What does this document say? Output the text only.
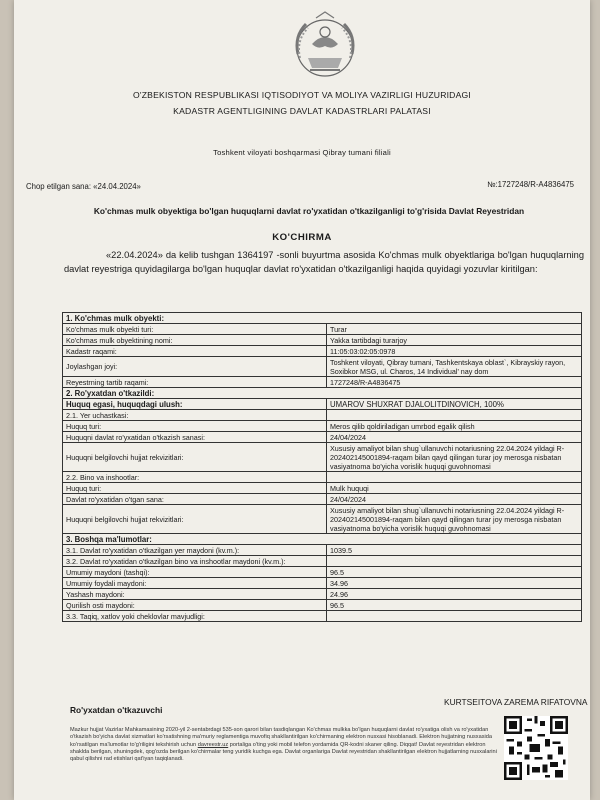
O'ZBEKISTON RESPUBLIKASI IQTISODIYOT VA MOLIYA VAZIRLIGI HUZURIDAGI
KADASTR AGENTLIGINING DAVLAT KADASTRLARI PALATASI
Toshkent viloyati boshqarmasi Qibray tumani filiali
Chop etilgan sana: «24.04.2024»	№:1727248/R-A4836475
Ko'chmas mulk obyektiga bo'lgan huquqlarni davlat ro'yxatidan o'tkazilganligi to'g'risida Davlat Reyestridan
KO'CHIRMA
«22.04.2024» da kelib tushgan 1364197 -sonli buyurtma asosida Ko'chmas mulk obyektlariga bo'lgan huquqlarning davlat reyestriga quyidagilarga bo'lgan huquqlar davlat ro'yxatidan o'tkazilganligi haqida quyidagi yozuvlar kiritilgan:
1. Ko'chmas mulk obyekti:	
Ko'chmas mulk obyekti turi:	Turar
Ko'chmas mulk obyektining nomi:	Yakka tartibdagi turarjoy
Kadastr raqami:	11:05:03:02:05:0978
Joylashgan joyi:	Toshkent viloyati, Qibray tumani, Tashkentskaya oblast`, Kibrayskiy rayon, Soxibkor MSG, ul. Charos, 14 Individual' nay dom
Reyestrning tartib raqami:	1727248/R-A4836475
2. Ro'yxatdan o'tkazildi:	
Huquq egasi, huquqdagi ulush:	UMAROV SHUXRAT DJALOLITDINOVICH, 100%
2.1. Yer uchastkasi:	
Huquq turi:	Meros qilib qoldiriladigan umrbod egalik qilish
Huquqni davlat ro'yxatidan o'tkazish sanasi:	24/04/2024
Huquqni belgilovchi hujjat rekvizitlari:	Xususiy amaliyot bilan shug`ullanuvchi notariusning 22.04.2024 yildagi R- 202402145001894-raqam bilan qayd qilingan turar joy merosga nisbatan vasiyatnoma bo'yicha vorislik huquqi guvohnomasi
2.2. Bino va inshootlar:	
Huquq turi:	Mulk huquqi
Davlat ro'yxatidan o'tgan sana:	24/04/2024
Huquqni belgilovchi hujjat rekvizitlari:	Xususiy amaliyot bilan shug`ullanuvchi notariusning 22.04.2024 yildagi R- 202402145001894-raqam bilan qayd qilingan turar joy merosga nisbatan vasiyatnoma bo'yicha vorislik huquqi guvohnomasi
3. Boshqa ma'lumotlar:	
3.1. Davlat ro'yxatidan o'tkazilgan yer maydoni (kv.m.):	1039.5
3.2. Davlat ro'yxatidan o'tkazilgan bino va inshootlar maydoni (kv.m.):	
Umumiy maydoni (tashqi):	96.5
Umumiy foydali maydoni:	34.96
Yashash maydoni:	24.96
Qurilish osti maydoni:	96.5
3.3. Taqiq, xatlov yoki cheklovlar mavjudligi:	
Ro'yxatdan o'tkazuvchi
KURTSEITOVA ZAREMA RIFATOVNA
Mazkur hujjat Vazirlar Mahkamasining 2020-yil 2-sentabrdagi 535-son qarori bilan tasdiqlangan Ko'chmas mulkka bo'lgan huquqlarni davlat ro'yxatiga olish va ro'yxatidan o'tkazish bo'yicha davlat xizmatlari ko'rsatishning ma'muriy reglamentiga muvofiq shakllantirilgan ko'chirmaning elektron nusxasi hisoblanadi. Elektron hujjatning nusxasida ko'rsatilgan ma'lumotlar to'g'riligini tekshirish uchun davreestr.uz portaliga o'ting yoki mobil telefon yordamida QR-kodni skaner qiling. Diqqat! Davlat reyestridan elektron shaklda berilgan, shuningdek, qog'ozda berilgan ko'chirmalar teng yuridik kuchga ega. Davlat organlariga Davlat reyestridan shakllantirilgan elektron hujjatlarning nusxalarini qabul qilishni rad etishlari qat'iyan taqiqlanadi.
